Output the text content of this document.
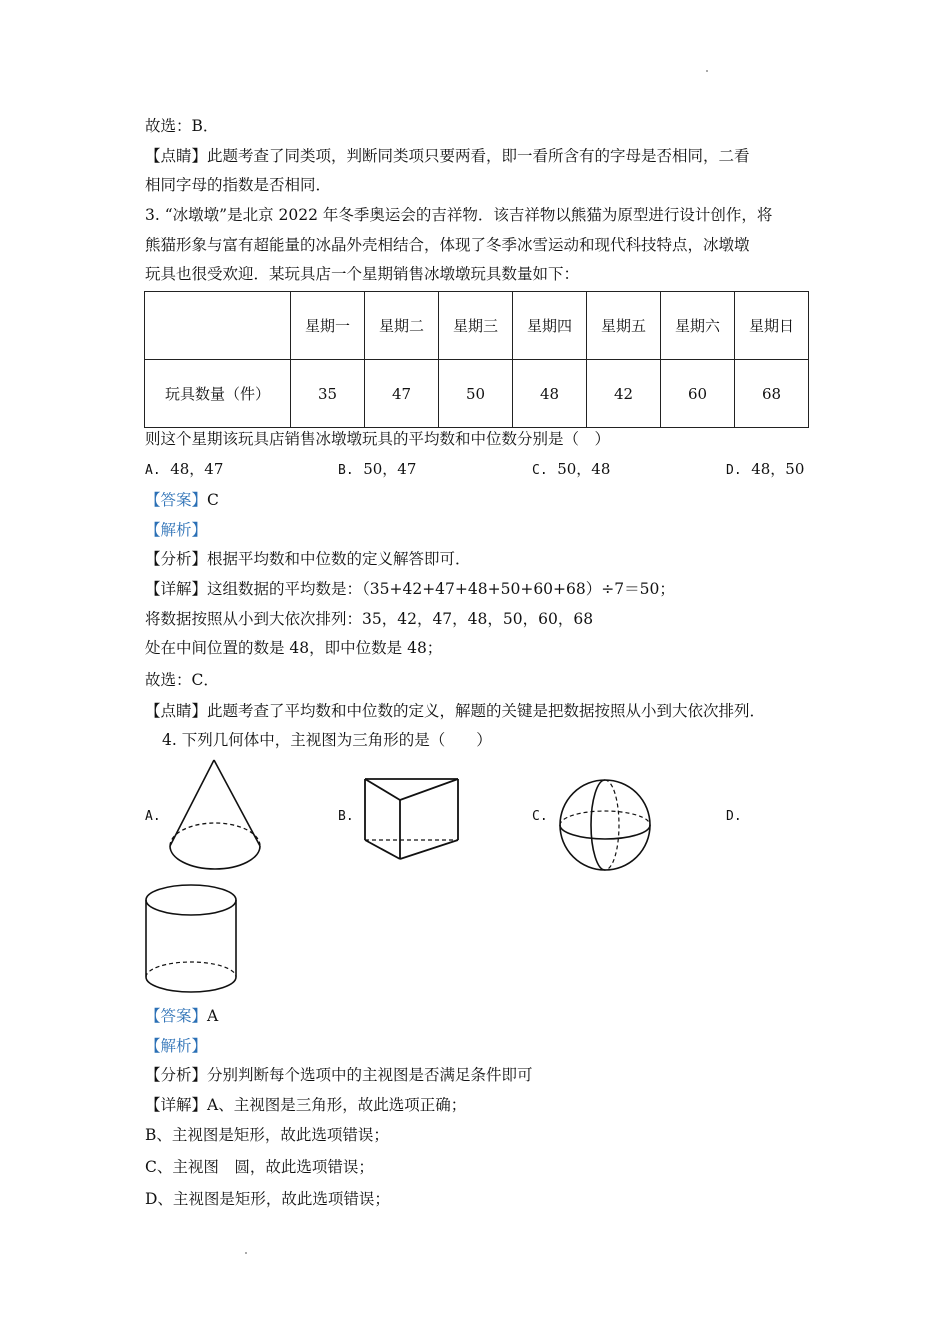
故选：B．
【点睛】此题考查了同类项，判断同类项只要两看，即一看所含有的字母是否相同，二看
相同字母的指数是否相同．
3. “冰墩墩”是北京 2022 年冬季奥运会的吉祥物．该吉祥物以熊猫为原型进行设计创作，将
熊猫形象与富有超能量的冰晶外壳相结合，体现了冬季冰雪运动和现代科技特点，冰墩墩
玩具也很受欢迎．某玩具店一个星期销售冰墩墩玩具数量如下：
	星期一	星期二	星期三	星期四	星期五	星期六	星期日
玩具数量（件）	35	47	50	48	42	60	68
则这个星期该玩具店销售冰墩墩玩具的平均数和中位数分别是（　）
A. 48，47	B. 50，47	C. 50，48	D. 48，50
【答案】C
【解析】
【分析】根据平均数和中位数的定义解答即可．
【详解】这组数据的平均数是：（35+42+47+48+50+60+68）÷7＝50；
将数据按照从小到大依次排列：35，42，47，48，50，60，68
处在中间位置的数是 48，即中位数是 48；
故选：C．
【点睛】此题考查了平均数和中位数的定义，解题的关键是把数据按照从小到大依次排列．
4. 下列几何体中，主视图为三角形的是（　　）
A.	B.	C.	D.
【答案】A
【解析】
【分析】分别判断每个选项中的主视图是否满足条件即可
【详解】A、主视图是三角形，故此选项正确；
B、主视图是矩形，故此选项错误；
C、主视图　圆，故此选项错误；
D、主视图是矩形，故此选项错误；
